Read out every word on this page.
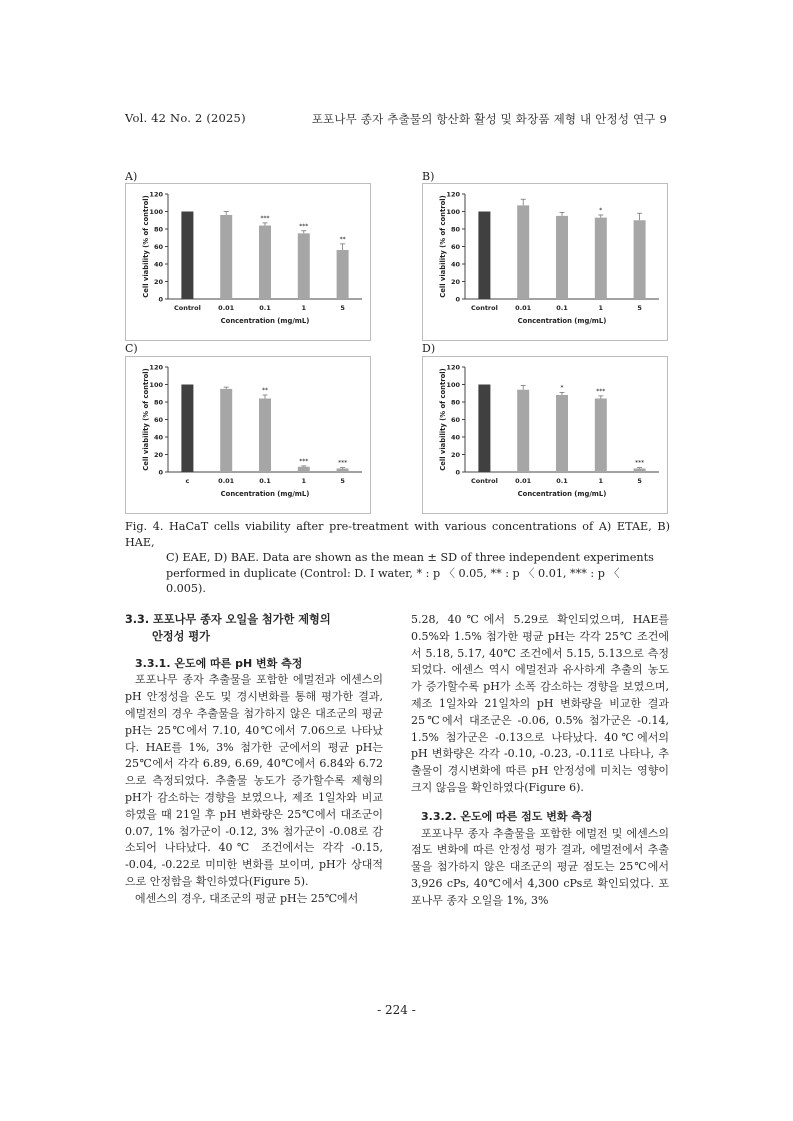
Vol. 42 No. 2 (2025)	포포나무 종자 추출물의 항산화 활성 및 화장품 제형 내 안정성 연구 9
A)
0
20
40
60
80
100
120
Cell viability (% of control)
Control	0.01
***
0.1
***
1
**
5
Concentration (mg/mL)
B)
0
20
40
60
80
100
120
Cell viability (% of control)
Control	0.01	0.1
*
1	5
Concentration (mg/mL)
C)
0
20
40
60
80
100
120
Cell viability (% of control)
c	0.01
**
0.1
***
1
***
5
Concentration (mg/mL)
D)
0
20
40
60
80
100
120
Cell viability (% of control)
Control	0.01
*
0.1
***
1
***
5
Concentration (mg/mL)
Fig. 4. HaCaT cells viability after pre-treatment with various concentrations of A) ETAE, B) HAE,
C) EAE, D) BAE. Data are shown as the mean ± SD of three independent experiments
performed in duplicate (Control: D. I water, * : p 〈 0.05, ** : p 〈 0.01, *** : p 〈
0.005).
3.3. 포포나무 종자 오일을 첨가한 제형의
안정성 평가
3.3.1. 온도에 따른 pH 변화 측정

포포나무 종자 추출물을 포함한 에멀전과 에센스의 pH 안정성을 온도 및 경시변화를 통해 평가한 결과, 에멀전의 경우 추출물을 첨가하지 않은 대조군의 평균 pH는 25℃에서 7.10, 40℃에서 7.06으로 나타났다. HAE를 1%, 3% 첨가한 군에서의 평균 pH는 25℃에서 각각 6.89, 6.69, 40℃에서 6.84와 6.72으로 측정되었다. 추출물 농도가 증가할수록 제형의 pH가 감소하는 경향을 보였으나, 제조 1일차와 비교하였을 때 21일 후 pH 변화량은 25℃에서 대조군이 0.07, 1% 첨가군이 -0.12, 3% 첨가군이 -0.08로 감소되어 나타났다. 40℃ 조건에서는 각각 -0.15, -0.04, -0.22로 미미한 변화를 보이며, pH가 상대적으로 안정함을 확인하였다(Figure 5).

에센스의 경우, 대조군의 평균 pH는 25℃에서

5.28, 40℃에서 5.29로 확인되었으며, HAE를 0.5%와 1.5% 첨가한 평균 pH는 각각 25℃ 조건에서 5.18, 5.17, 40℃ 조건에서 5.15, 5.13으로 측정되었다. 에센스 역시 에멀전과 유사하게 추출의 농도가 증가할수록 pH가 소폭 감소하는 경향을 보였으며, 제조 1일차와 21일차의 pH 변화량을 비교한 결과 25℃에서 대조군은 -0.06, 0.5% 첨가군은 -0.14, 1.5% 첨가군은 -0.13으로 나타났다. 40℃에서의 pH 변화량은 각각 -0.10, -0.23, -0.11로 나타나, 추출물이 경시변화에 따른 pH 안정성에 미치는 영향이 크지 않음을 확인하였다(Figure 6).

3.3.2. 온도에 따른 점도 변화 측정

포포나무 종자 추출물을 포함한 에멀전 및 에센스의 점도 변화에 따른 안정성 평가 결과, 에멀전에서 추출물을 첨가하지 않은 대조군의 평균 점도는 25℃에서 3,926 cPs, 40℃에서 4,300 cPs로 확인되었다. 포포나무 종자 오일을 1%, 3%

- 224 -
